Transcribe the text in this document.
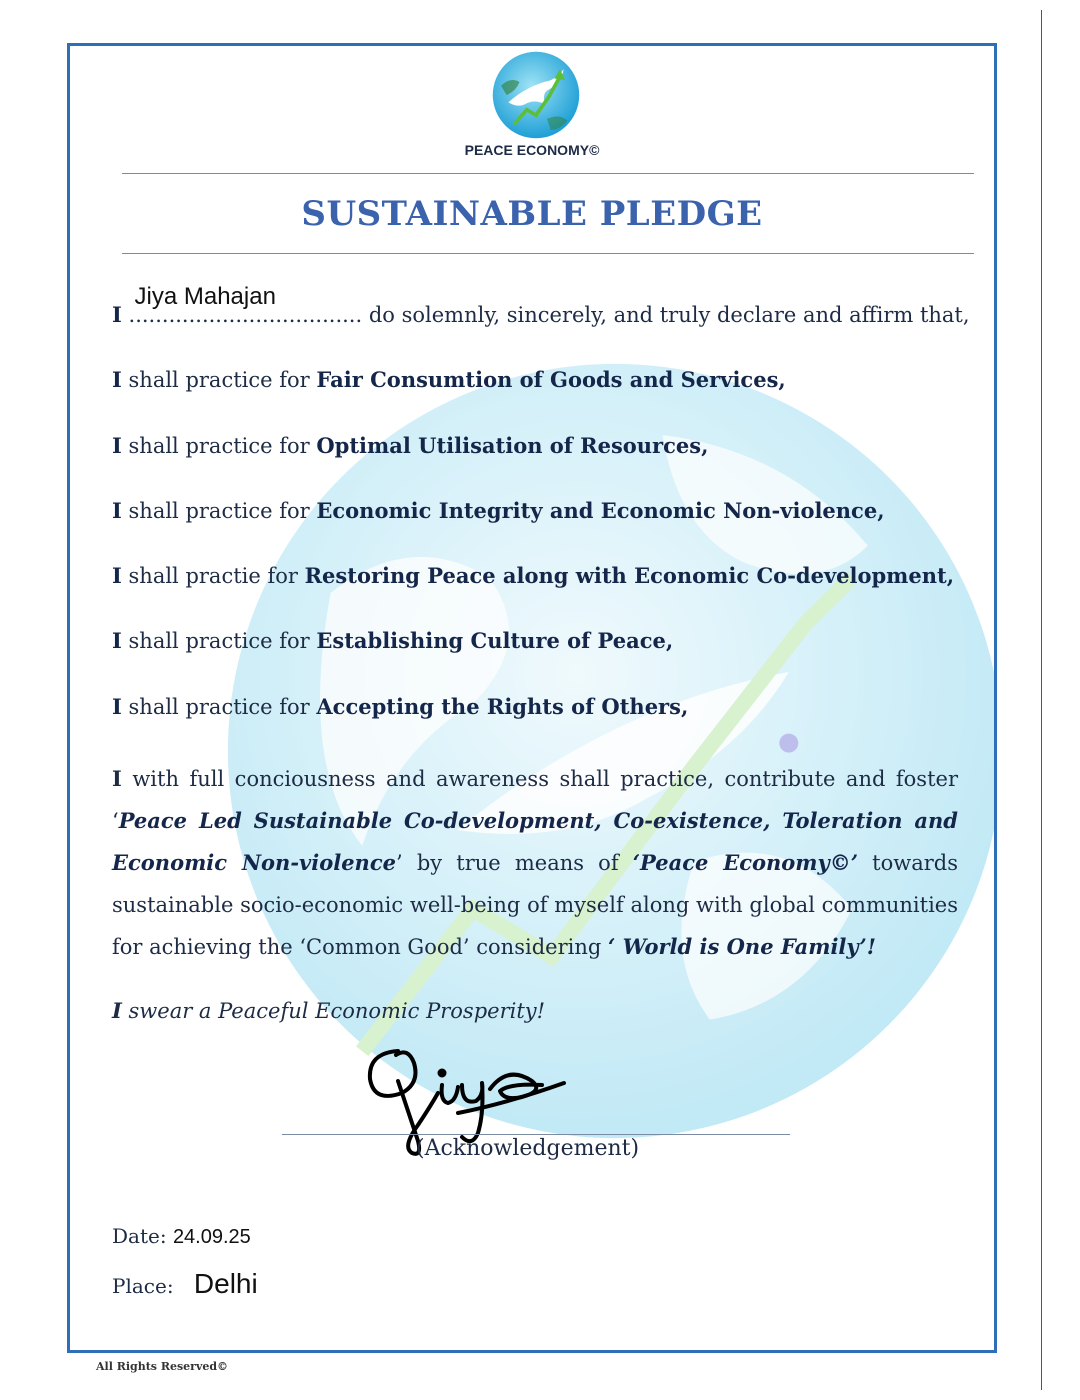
PEACE ECONOMY©
SUSTAINABLE PLEDGE
I ...................................
Jiya Mahajan
do solemnly, sincerely, and truly declare and affirm that,
I shall practice for Fair Consumtion of Goods and Services,
I shall practice for Optimal Utilisation of Resources,
I shall practice for Economic Integrity and Economic Non-violence,
I shall practie for Restoring Peace along with Economic Co-development,
I shall practice for Establishing Culture of Peace,
I shall practice for Accepting the Rights of Others,
I with full conciousness and awareness shall practice, contribute and foster ‘Peace Led Sustainable Co-development, Co-existence, Toleration and Economic Non-violence’ by true means of ‘Peace Economy©’ towards sustainable socio-economic well-being of myself along with global communities for achieving the ‘Common Good’ considering ‘ World is One Family’!
I swear a Peaceful Economic Prosperity!
(Acknowledgement)
Date: 24.09.25
Place: Delhi
All Rights Reserved©
